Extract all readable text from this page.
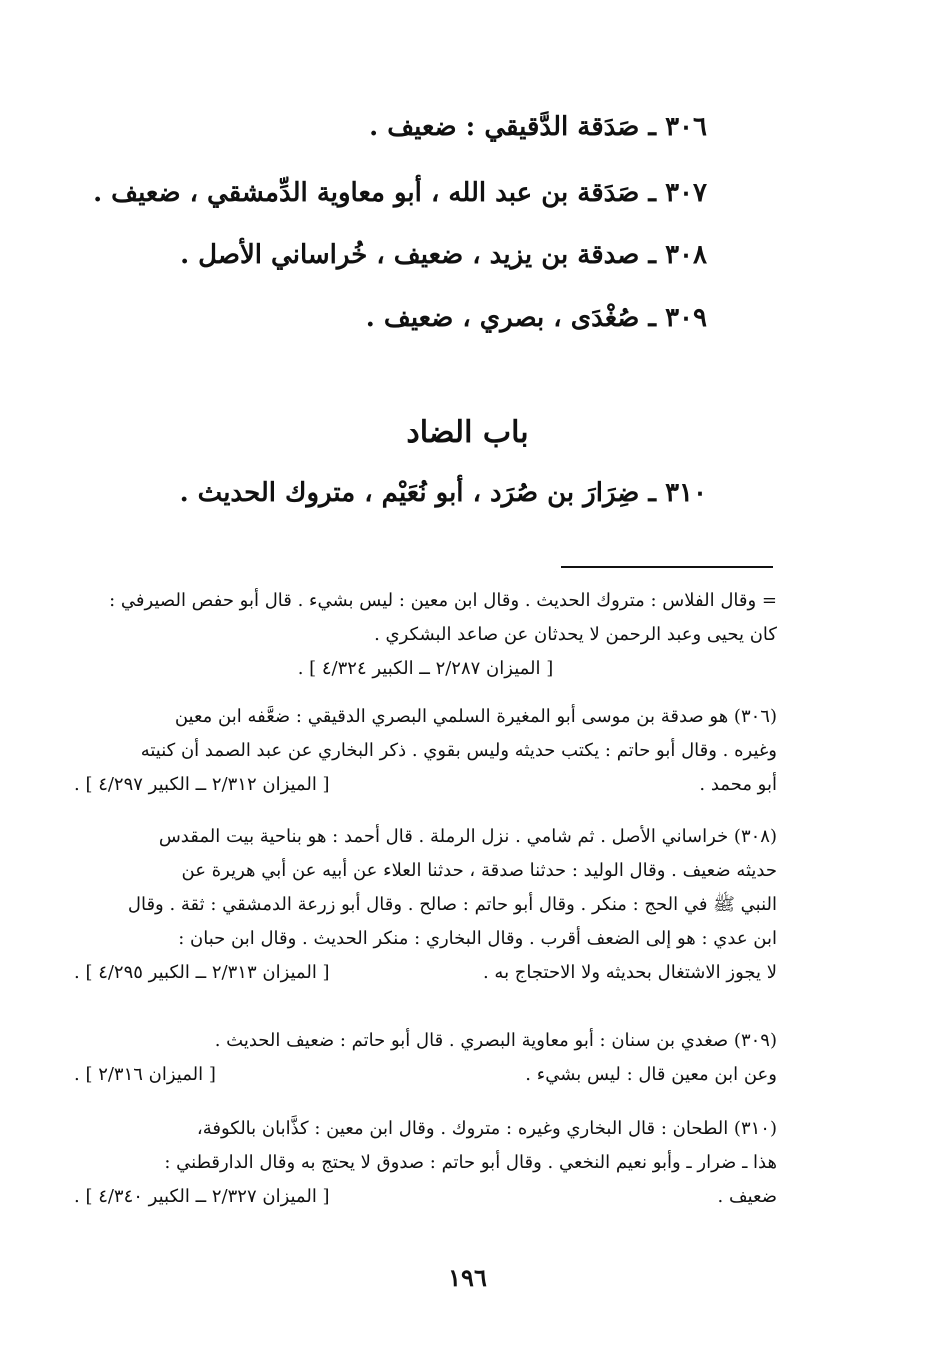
٣٠٦ ـ صَدَقة الدَّقيقي : ضعيف .
٣٠٧ ـ صَدَقة بن عبد الله ، أبو معاوية الدِّمشقي ، ضعيف .
٣٠٨ ـ صدقة بن يزيد ، ضعيف ، خُراساني الأصل .
٣٠٩ ـ صُغْدَى ، بصري ، ضعيف .
باب الضاد
٣١٠ ـ ضِرَارَ بن صُرَد ، أبو نُعَيْم ، متروك الحديث .
= وقال الفلاس : متروك الحديث . وقال ابن معين : ليس بشيء . قال أبو حفص الصيرفي :
كان يحيى وعبد الرحمن لا يحدثان عن صاعد البشكري .
[ الميزان ٢/٢٨٧ ــ الكبير ٤/٣٢٤ ] .
(٣٠٦) هو صدقة بن موسى أبو المغيرة السلمي البصري الدقيقي : ضعَّفه ابن معين
وغيره . وقال أبو حاتم : يكتب حديثه وليس بقوي . ذكر البخاري عن عبد الصمد أن كنيته
أبو محمد .
[ الميزان ٢/٣١٢ ــ الكبير ٤/٢٩٧ ] .
(٣٠٨) خراساني الأصل . ثم شامي . نزل الرملة . قال أحمد : هو بناحية بيت المقدس
حديثه ضعيف . وقال الوليد : حدثنا صدقة ، حدثنا العلاء عن أبيه عن أبي هريرة عن
النبي ﷺ في الحج : منكر . وقال أبو حاتم : صالح . وقال أبو زرعة الدمشقي : ثقة . وقال
ابن عدي : هو إلى الضعف أقرب . وقال البخاري : منكر الحديث . وقال ابن حبان :
لا يجوز الاشتغال بحديثه ولا الاحتجاج به .
[ الميزان ٢/٣١٣ ــ الكبير ٤/٢٩٥ ] .
(٣٠٩) صغدي بن سنان : أبو معاوية البصري . قال أبو حاتم : ضعيف الحديث .
وعن ابن معين قال : ليس بشيء .
[ الميزان ٢/٣١٦ ] .
(٣١٠) الطحان : قال البخاري وغيره : متروك . وقال ابن معين : كذَّابان بالكوفة،
هذا ـ ضرار ـ وأبو نعيم النخعي . وقال أبو حاتم : صدوق لا يحتج به وقال الدارقطني :
ضعيف .
[ الميزان ٢/٣٢٧ ــ الكبير ٤/٣٤٠ ] .
١٩٦
